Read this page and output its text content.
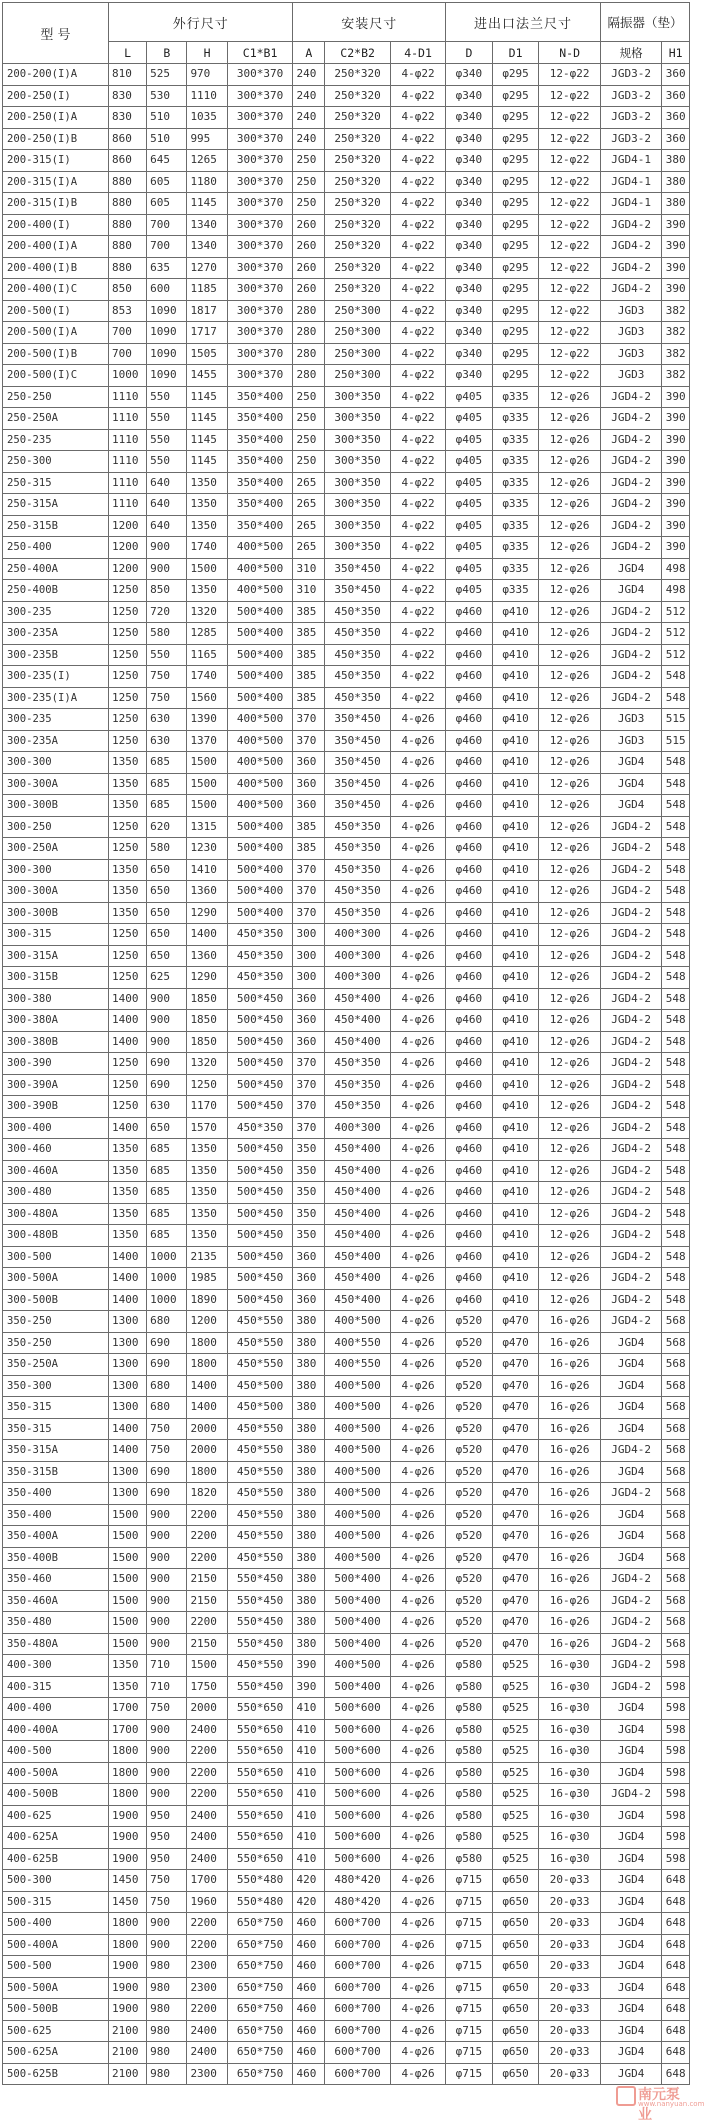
型 号	外行尺寸				安装尺寸			进出口法兰尺寸			隔振器（垫）	
	L	B	H	C1*B1	A	C2*B2	4-D1	D	D1	N-D	规格	H1
200-200(I)A	810	525	970	300*370	240	250*320	4-φ22	φ340	φ295	12-φ22	JGD3-2	360
200-250(I)	830	530	1110	300*370	240	250*320	4-φ22	φ340	φ295	12-φ22	JGD3-2	360
200-250(I)A	830	510	1035	300*370	240	250*320	4-φ22	φ340	φ295	12-φ22	JGD3-2	360
200-250(I)B	860	510	995	300*370	240	250*320	4-φ22	φ340	φ295	12-φ22	JGD3-2	360
200-315(I)	860	645	1265	300*370	250	250*320	4-φ22	φ340	φ295	12-φ22	JGD4-1	380
200-315(I)A	880	605	1180	300*370	250	250*320	4-φ22	φ340	φ295	12-φ22	JGD4-1	380
200-315(I)B	880	605	1145	300*370	250	250*320	4-φ22	φ340	φ295	12-φ22	JGD4-1	380
200-400(I)	880	700	1340	300*370	260	250*320	4-φ22	φ340	φ295	12-φ22	JGD4-2	390
200-400(I)A	880	700	1340	300*370	260	250*320	4-φ22	φ340	φ295	12-φ22	JGD4-2	390
200-400(I)B	880	635	1270	300*370	260	250*320	4-φ22	φ340	φ295	12-φ22	JGD4-2	390
200-400(I)C	850	600	1185	300*370	260	250*320	4-φ22	φ340	φ295	12-φ22	JGD4-2	390
200-500(I)	853	1090	1817	300*370	280	250*300	4-φ22	φ340	φ295	12-φ22	JGD3	382
200-500(I)A	700	1090	1717	300*370	280	250*300	4-φ22	φ340	φ295	12-φ22	JGD3	382
200-500(I)B	700	1090	1505	300*370	280	250*300	4-φ22	φ340	φ295	12-φ22	JGD3	382
200-500(I)C	1000	1090	1455	300*370	280	250*300	4-φ22	φ340	φ295	12-φ22	JGD3	382
250-250	1110	550	1145	350*400	250	300*350	4-φ22	φ405	φ335	12-φ26	JGD4-2	390
250-250A	1110	550	1145	350*400	250	300*350	4-φ22	φ405	φ335	12-φ26	JGD4-2	390
250-235	1110	550	1145	350*400	250	300*350	4-φ22	φ405	φ335	12-φ26	JGD4-2	390
250-300	1110	550	1145	350*400	250	300*350	4-φ22	φ405	φ335	12-φ26	JGD4-2	390
250-315	1110	640	1350	350*400	265	300*350	4-φ22	φ405	φ335	12-φ26	JGD4-2	390
250-315A	1110	640	1350	350*400	265	300*350	4-φ22	φ405	φ335	12-φ26	JGD4-2	390
250-315B	1200	640	1350	350*400	265	300*350	4-φ22	φ405	φ335	12-φ26	JGD4-2	390
250-400	1200	900	1740	400*500	265	300*350	4-φ22	φ405	φ335	12-φ26	JGD4-2	390
250-400A	1200	900	1500	400*500	310	350*450	4-φ22	φ405	φ335	12-φ26	JGD4	498
250-400B	1250	850	1350	400*500	310	350*450	4-φ22	φ405	φ335	12-φ26	JGD4	498
300-235	1250	720	1320	500*400	385	450*350	4-φ22	φ460	φ410	12-φ26	JGD4-2	512
300-235A	1250	580	1285	500*400	385	450*350	4-φ22	φ460	φ410	12-φ26	JGD4-2	512
300-235B	1250	550	1165	500*400	385	450*350	4-φ22	φ460	φ410	12-φ26	JGD4-2	512
300-235(I)	1250	750	1740	500*400	385	450*350	4-φ22	φ460	φ410	12-φ26	JGD4-2	548
300-235(I)A	1250	750	1560	500*400	385	450*350	4-φ22	φ460	φ410	12-φ26	JGD4-2	548
300-235	1250	630	1390	400*500	370	350*450	4-φ26	φ460	φ410	12-φ26	JGD3	515
300-235A	1250	630	1370	400*500	370	350*450	4-φ26	φ460	φ410	12-φ26	JGD3	515
300-300	1350	685	1500	400*500	360	350*450	4-φ26	φ460	φ410	12-φ26	JGD4	548
300-300A	1350	685	1500	400*500	360	350*450	4-φ26	φ460	φ410	12-φ26	JGD4	548
300-300B	1350	685	1500	400*500	360	350*450	4-φ26	φ460	φ410	12-φ26	JGD4	548
300-250	1250	620	1315	500*400	385	450*350	4-φ26	φ460	φ410	12-φ26	JGD4-2	548
300-250A	1250	580	1230	500*400	385	450*350	4-φ26	φ460	φ410	12-φ26	JGD4-2	548
300-300	1350	650	1410	500*400	370	450*350	4-φ26	φ460	φ410	12-φ26	JGD4-2	548
300-300A	1350	650	1360	500*400	370	450*350	4-φ26	φ460	φ410	12-φ26	JGD4-2	548
300-300B	1350	650	1290	500*400	370	450*350	4-φ26	φ460	φ410	12-φ26	JGD4-2	548
300-315	1250	650	1400	450*350	300	400*300	4-φ26	φ460	φ410	12-φ26	JGD4-2	548
300-315A	1250	650	1360	450*350	300	400*300	4-φ26	φ460	φ410	12-φ26	JGD4-2	548
300-315B	1250	625	1290	450*350	300	400*300	4-φ26	φ460	φ410	12-φ26	JGD4-2	548
300-380	1400	900	1850	500*450	360	450*400	4-φ26	φ460	φ410	12-φ26	JGD4-2	548
300-380A	1400	900	1850	500*450	360	450*400	4-φ26	φ460	φ410	12-φ26	JGD4-2	548
300-380B	1400	900	1850	500*450	360	450*400	4-φ26	φ460	φ410	12-φ26	JGD4-2	548
300-390	1250	690	1320	500*450	370	450*350	4-φ26	φ460	φ410	12-φ26	JGD4-2	548
300-390A	1250	690	1250	500*450	370	450*350	4-φ26	φ460	φ410	12-φ26	JGD4-2	548
300-390B	1250	630	1170	500*450	370	450*350	4-φ26	φ460	φ410	12-φ26	JGD4-2	548
300-400	1400	650	1570	450*350	370	400*300	4-φ26	φ460	φ410	12-φ26	JGD4-2	548
300-460	1350	685	1350	500*450	350	450*400	4-φ26	φ460	φ410	12-φ26	JGD4-2	548
300-460A	1350	685	1350	500*450	350	450*400	4-φ26	φ460	φ410	12-φ26	JGD4-2	548
300-480	1350	685	1350	500*450	350	450*400	4-φ26	φ460	φ410	12-φ26	JGD4-2	548
300-480A	1350	685	1350	500*450	350	450*400	4-φ26	φ460	φ410	12-φ26	JGD4-2	548
300-480B	1350	685	1350	500*450	350	450*400	4-φ26	φ460	φ410	12-φ26	JGD4-2	548
300-500	1400	1000	2135	500*450	360	450*400	4-φ26	φ460	φ410	12-φ26	JGD4-2	548
300-500A	1400	1000	1985	500*450	360	450*400	4-φ26	φ460	φ410	12-φ26	JGD4-2	548
300-500B	1400	1000	1890	500*450	360	450*400	4-φ26	φ460	φ410	12-φ26	JGD4-2	548
350-250	1300	680	1200	450*550	380	400*500	4-φ26	φ520	φ470	16-φ26	JGD4-2	568
350-250	1300	690	1800	450*550	380	400*550	4-φ26	φ520	φ470	16-φ26	JGD4	568
350-250A	1300	690	1800	450*550	380	400*550	4-φ26	φ520	φ470	16-φ26	JGD4	568
350-300	1300	680	1400	450*500	380	400*500	4-φ26	φ520	φ470	16-φ26	JGD4	568
350-315	1300	680	1400	450*500	380	400*500	4-φ26	φ520	φ470	16-φ26	JGD4	568
350-315	1400	750	2000	450*550	380	400*500	4-φ26	φ520	φ470	16-φ26	JGD4	568
350-315A	1400	750	2000	450*550	380	400*500	4-φ26	φ520	φ470	16-φ26	JGD4-2	568
350-315B	1300	690	1800	450*550	380	400*500	4-φ26	φ520	φ470	16-φ26	JGD4	568
350-400	1300	690	1820	450*550	380	400*500	4-φ26	φ520	φ470	16-φ26	JGD4-2	568
350-400	1500	900	2200	450*550	380	400*500	4-φ26	φ520	φ470	16-φ26	JGD4	568
350-400A	1500	900	2200	450*550	380	400*500	4-φ26	φ520	φ470	16-φ26	JGD4	568
350-400B	1500	900	2200	450*550	380	400*500	4-φ26	φ520	φ470	16-φ26	JGD4	568
350-460	1500	900	2150	550*450	380	500*400	4-φ26	φ520	φ470	16-φ26	JGD4-2	568
350-460A	1500	900	2150	550*450	380	500*400	4-φ26	φ520	φ470	16-φ26	JGD4-2	568
350-480	1500	900	2200	550*450	380	500*400	4-φ26	φ520	φ470	16-φ26	JGD4-2	568
350-480A	1500	900	2150	550*450	380	500*400	4-φ26	φ520	φ470	16-φ26	JGD4-2	568
400-300	1350	710	1500	450*550	390	400*500	4-φ26	φ580	φ525	16-φ30	JGD4-2	598
400-315	1350	710	1750	550*450	390	500*400	4-φ26	φ580	φ525	16-φ30	JGD4-2	598
400-400	1700	750	2000	550*650	410	500*600	4-φ26	φ580	φ525	16-φ30	JGD4	598
400-400A	1700	900	2400	550*650	410	500*600	4-φ26	φ580	φ525	16-φ30	JGD4	598
400-500	1800	900	2200	550*650	410	500*600	4-φ26	φ580	φ525	16-φ30	JGD4	598
400-500A	1800	900	2200	550*650	410	500*600	4-φ26	φ580	φ525	16-φ30	JGD4	598
400-500B	1800	900	2200	550*650	410	500*600	4-φ26	φ580	φ525	16-φ30	JGD4-2	598
400-625	1900	950	2400	550*650	410	500*600	4-φ26	φ580	φ525	16-φ30	JGD4	598
400-625A	1900	950	2400	550*650	410	500*600	4-φ26	φ580	φ525	16-φ30	JGD4	598
400-625B	1900	950	2400	550*650	410	500*600	4-φ26	φ580	φ525	16-φ30	JGD4	598
500-300	1450	750	1700	550*480	420	480*420	4-φ26	φ715	φ650	20-φ33	JGD4	648
500-315	1450	750	1960	550*480	420	480*420	4-φ26	φ715	φ650	20-φ33	JGD4	648
500-400	1800	900	2200	650*750	460	600*700	4-φ26	φ715	φ650	20-φ33	JGD4	648
500-400A	1800	900	2200	650*750	460	600*700	4-φ26	φ715	φ650	20-φ33	JGD4	648
500-500	1900	980	2300	650*750	460	600*700	4-φ26	φ715	φ650	20-φ33	JGD4	648
500-500A	1900	980	2300	650*750	460	600*700	4-φ26	φ715	φ650	20-φ33	JGD4	648
500-500B	1900	980	2200	650*750	460	600*700	4-φ26	φ715	φ650	20-φ33	JGD4	648
500-625	2100	980	2400	650*750	460	600*700	4-φ26	φ715	φ650	20-φ33	JGD4	648
500-625A	2100	980	2400	650*750	460	600*700	4-φ26	φ715	φ650	20-φ33	JGD4	648
500-625B	2100	980	2300	650*750	460	600*700	4-φ26	φ715	φ650	20-φ33	JGD4	648
南元泵业
www.nanyuan.com
